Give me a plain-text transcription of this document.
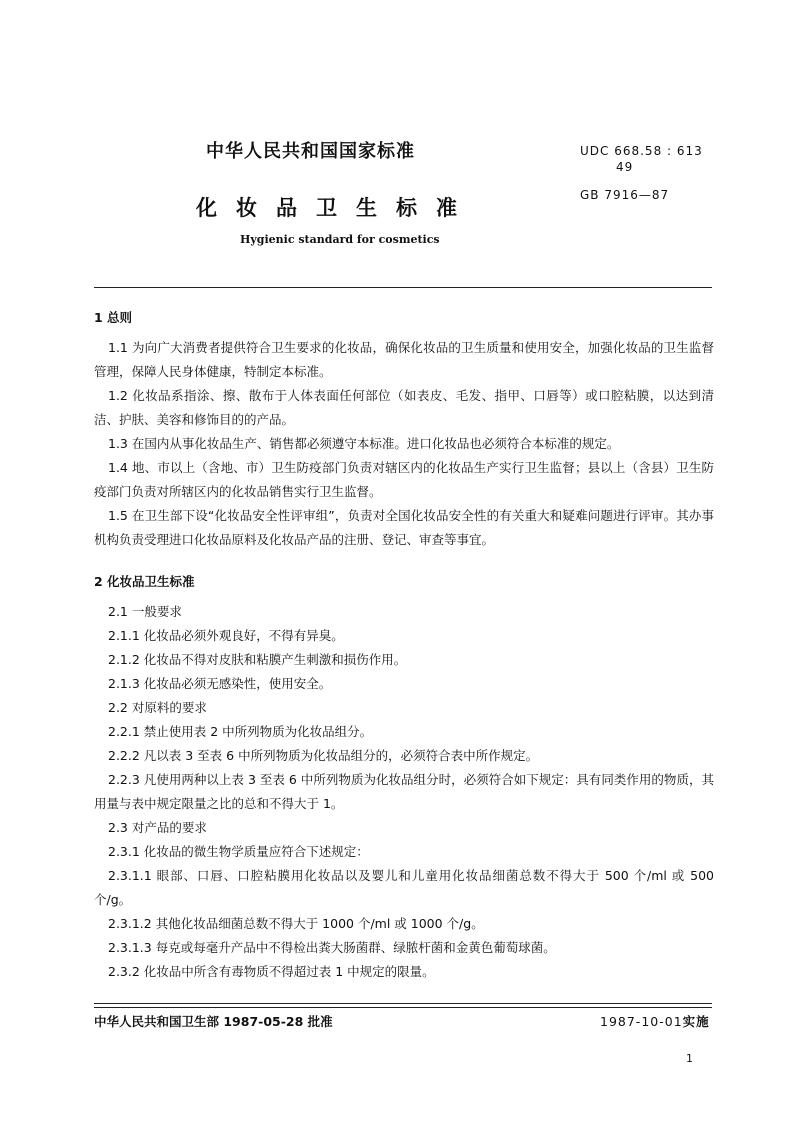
中华人民共和国国家标准	UDC 668.58 : 613
49
GB 7916—87
化妆品卫生标准
Hygienic standard for cosmetics
1 总则
1.1 为向广大消费者提供符合卫生要求的化妆品，确保化妆品的卫生质量和使用安全，加强化妆品的卫生监督管理，保障人民身体健康，特制定本标准。
1.2 化妆品系指涂、擦、散布于人体表面任何部位（如表皮、毛发、指甲、口唇等）或口腔粘膜，以达到清洁、护肤、美容和修饰目的的产品。
1.3 在国内从事化妆品生产、销售都必须遵守本标准。进口化妆品也必须符合本标准的规定。
1.4 地、市以上（含地、市）卫生防疫部门负责对辖区内的化妆品生产实行卫生监督；县以上（含县）卫生防疫部门负责对所辖区内的化妆品销售实行卫生监督。
1.5 在卫生部下设“化妆品安全性评审组”，负责对全国化妆品安全性的有关重大和疑难问题进行评审。其办事机构负责受理进口化妆品原料及化妆品产品的注册、登记、审查等事宜。
2 化妆品卫生标准
2.1 一般要求
2.1.1 化妆品必须外观良好，不得有异臭。
2.1.2 化妆品不得对皮肤和粘膜产生刺激和损伤作用。
2.1.3 化妆品必须无感染性，使用安全。
2.2 对原料的要求
2.2.1 禁止使用表 2 中所列物质为化妆品组分。
2.2.2 凡以表 3 至表 6 中所列物质为化妆品组分的，必须符合表中所作规定。
2.2.3 凡使用两种以上表 3 至表 6 中所列物质为化妆品组分时，必须符合如下规定：具有同类作用的物质，其用量与表中规定限量之比的总和不得大于 1。
2.3 对产品的要求
2.3.1 化妆品的微生物学质量应符合下述规定：
2.3.1.1 眼部、口唇、口腔粘膜用化妆品以及婴儿和儿童用化妆品细菌总数不得大于 500 个/ml 或 500 个/g。
2.3.1.2 其他化妆品细菌总数不得大于 1000 个/ml 或 1000 个/g。
2.3.1.3 每克或每毫升产品中不得检出粪大肠菌群、绿脓杆菌和金黄色葡萄球菌。
2.3.2 化妆品中所含有毒物质不得超过表 1 中规定的限量。
中华人民共和国卫生部 1987-05-28 批准	1987-10-01实施
1
